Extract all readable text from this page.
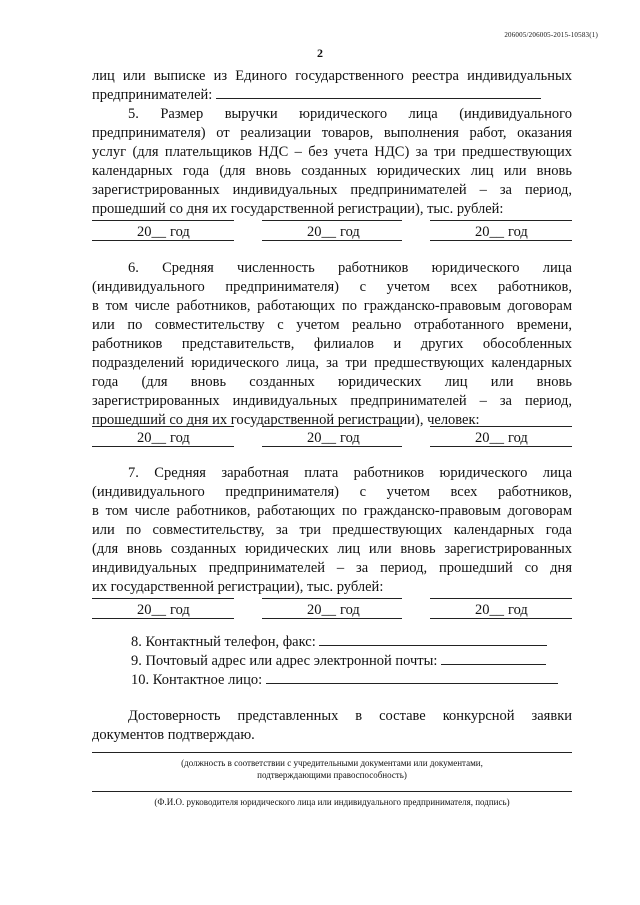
206005/206005-2015-10583(1)
2
лиц или выписке из Единого государственного реестра индивидуальных
предпринимателей:
5. Размер выручки юридического лица (индивидуального
предпринимателя) от реализации товаров, выполнения работ, оказания
услуг (для плательщиков НДС – без учета НДС) за три предшествующих
календарных года (для вновь созданных юридических лиц или вновь
зарегистрированных индивидуальных предпринимателей – за период,
прошедший со дня их государственной регистрации), тыс. рублей:
20__ год	20__ год	20__ год
6. Средняя численность работников юридического лица
(индивидуального предпринимателя) с учетом всех работников,
в том числе работников, работающих по гражданско-правовым договорам
или по совместительству с учетом реально отработанного времени,
работников представительств, филиалов и других обособленных
подразделений юридического лица, за три предшествующих календарных
года (для вновь созданных юридических лиц или вновь
зарегистрированных индивидуальных предпринимателей – за период,
прошедший со дня их государственной регистрации), человек:
20__ год	20__ год	20__ год
7. Средняя заработная плата работников юридического лица
(индивидуального предпринимателя) с учетом всех работников,
в том числе работников, работающих по гражданско-правовым договорам
или по совместительству, за три предшествующих календарных года
(для вновь созданных юридических лиц или вновь зарегистрированных
индивидуальных предпринимателей – за период, прошедший со дня
их государственной регистрации), тыс. рублей:
20__ год	20__ год	20__ год
8. Контактный телефон, факс:
9. Почтовый адрес или адрес электронной почты:
10. Контактное лицо:
Достоверность представленных в составе конкурсной заявки
документов подтверждаю.
(должность в соответствии с учредительными документами или документами,
подтверждающими правоспособность)
(Ф.И.О. руководителя юридического лица или индивидуального предпринимателя, подпись)
